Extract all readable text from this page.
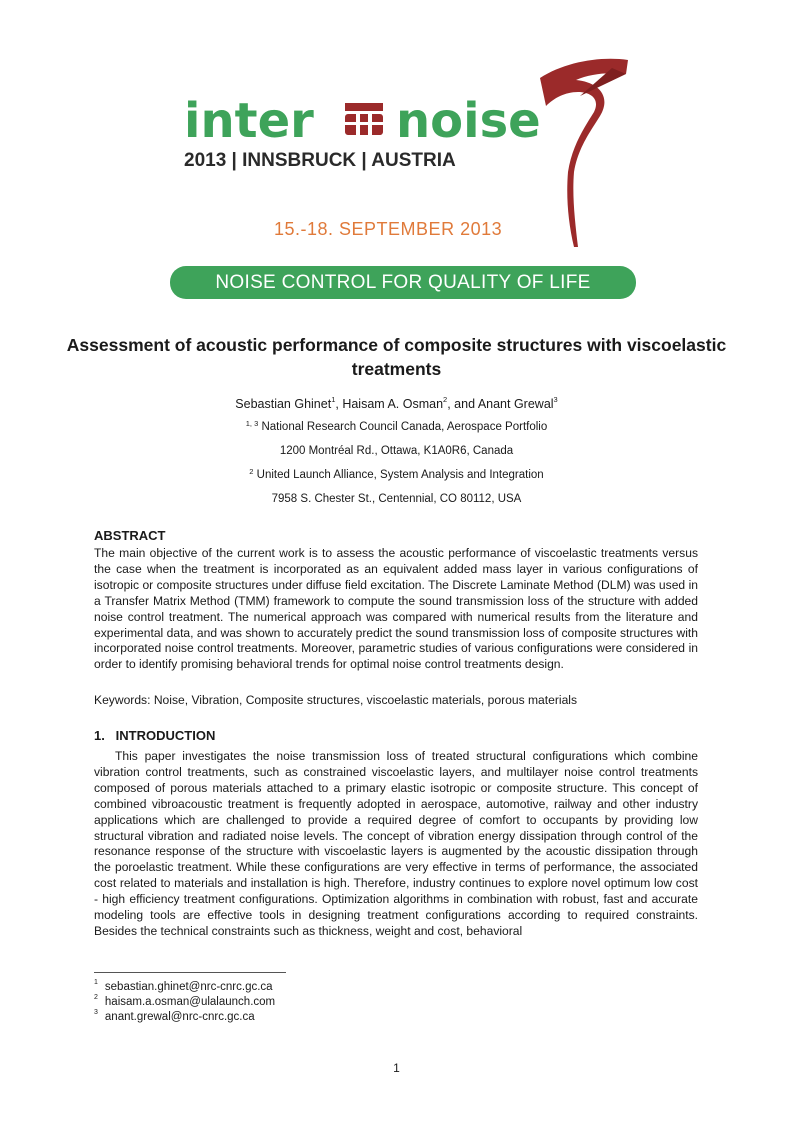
inter noise
2013 | INNSBRUCK | AUSTRIA
15.-18. SEPTEMBER 2013
NOISE CONTROL FOR QUALITY OF LIFE
Assessment of acoustic performance of composite structures with viscoelastic treatments
Sebastian Ghinet$^1$, Haisam A. Osman$^2$, and Anant Grewal$^3$
$^{1, 3}$ National Research Council Canada, Aerospace Portfolio
1200 Montréal Rd., Ottawa, K1A0R6, Canada
$^2$ United Launch Alliance, System Analysis and Integration
7958 S. Chester St., Centennial, CO 80112, USA
ABSTRACT
The main objective of the current work is to assess the acoustic performance of viscoelastic treatments versus the case when the treatment is incorporated as an equivalent added mass layer in various configurations of isotropic or composite structures under diffuse field excitation. The Discrete Laminate Method (DLM) was used in a Transfer Matrix Method (TMM) framework to compute the sound transmission loss of the structure with added noise control treatment. The numerical approach was compared with numerical results from the literature and experimental data, and was shown to accurately predict the sound transmission loss of composite structures with incorporated noise control treatments. Moreover, parametric studies of various configurations were considered in order to identify promising behavioral trends for optimal noise control treatments design.
Keywords: Noise, Vibration, Composite structures, viscoelastic materials, porous materials
1.   INTRODUCTION
This paper investigates the noise transmission loss of treated structural configurations which combine vibration control treatments, such as constrained viscoelastic layers, and multilayer noise control treatments composed of porous materials attached to a primary elastic isotropic or composite structure. This concept of combined vibroacoustic treatment is frequently adopted in aerospace, automotive, railway and other industry applications which are challenged to provide a required degree of comfort to occupants by providing low structural vibration and radiated noise levels. The concept of vibration energy dissipation through control of the resonance response of the structure with viscoelastic layers is augmented by the acoustic dissipation through the poroelastic treatment. While these configurations are very effective in terms of performance, the associated cost related to materials and installation is high. Therefore, industry continues to explore novel optimum low cost - high efficiency treatment configurations. Optimization algorithms in combination with robust, fast and accurate modeling tools are effective tools in designing treatment configurations according to required constraints. Besides the technical constraints such as thickness, weight and cost, behavioral
$^1$ sebastian.ghinet@nrc-cnrc.gc.ca
$^2$ haisam.a.osman@ulalaunch.com
$^3$ anant.grewal@nrc-cnrc.gc.ca
1
